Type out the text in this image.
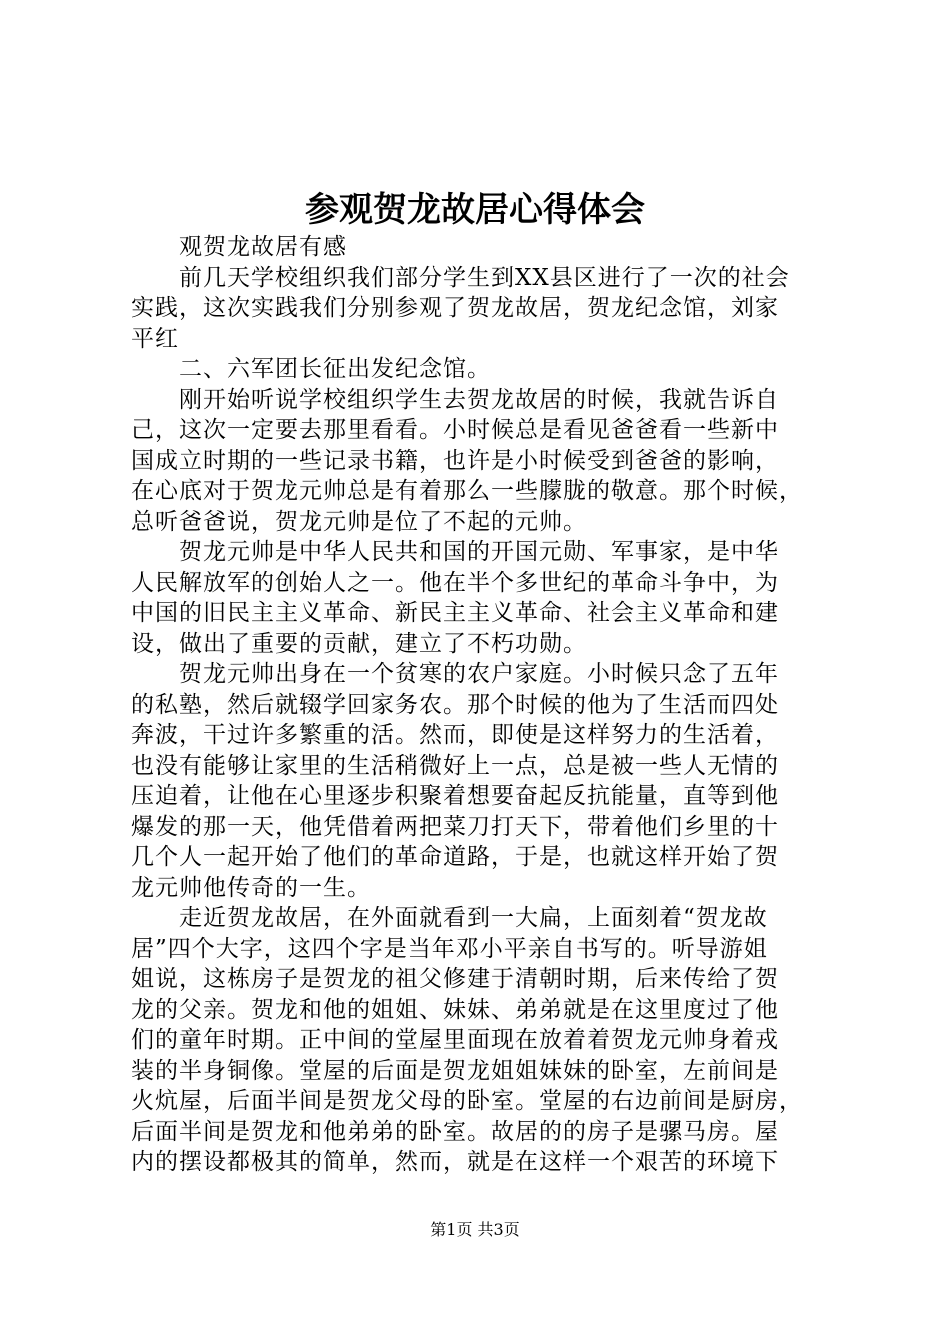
参观贺龙故居心得体会
观贺龙故居有感
前几天学校组织我们部分学生到XX县区进行了一次的社会
实践，这次实践我们分别参观了贺龙故居，贺龙纪念馆，刘家
平红
二、六军团长征出发纪念馆。
刚开始听说学校组织学生去贺龙故居的时候，我就告诉自
己，这次一定要去那里看看。小时候总是看见爸爸看一些新中
国成立时期的一些记录书籍，也许是小时候受到爸爸的影响，
在心底对于贺龙元帅总是有着那么一些朦胧的敬意。那个时候，
总听爸爸说，贺龙元帅是位了不起的元帅。
贺龙元帅是中华人民共和国的开国元勋、军事家，是中华
人民解放军的创始人之一。他在半个多世纪的革命斗争中，为
中国的旧民主主义革命、新民主主义革命、社会主义革命和建
设，做出了重要的贡献，建立了不朽功勋。
贺龙元帅出身在一个贫寒的农户家庭。小时候只念了五年
的私塾，然后就辍学回家务农。那个时候的他为了生活而四处
奔波，干过许多繁重的活。然而，即使是这样努力的生活着，
也没有能够让家里的生活稍微好上一点，总是被一些人无情的
压迫着，让他在心里逐步积聚着想要奋起反抗能量，直等到他
爆发的那一天，他凭借着两把菜刀打天下，带着他们乡里的十
几个人一起开始了他们的革命道路，于是，也就这样开始了贺
龙元帅他传奇的一生。
走近贺龙故居，在外面就看到一大扁，上面刻着“贺龙故
居”四个大字，这四个字是当年邓小平亲自书写的。听导游姐
姐说，这栋房子是贺龙的祖父修建于清朝时期，后来传给了贺
龙的父亲。贺龙和他的姐姐、妹妹、弟弟就是在这里度过了他
们的童年时期。正中间的堂屋里面现在放着着贺龙元帅身着戎
装的半身铜像。堂屋的后面是贺龙姐姐妹妹的卧室，左前间是
火炕屋，后面半间是贺龙父母的卧室。堂屋的右边前间是厨房，
后面半间是贺龙和他弟弟的卧室。故居的的房子是骡马房。屋
内的摆设都极其的简单，然而，就是在这样一个艰苦的环境下
第1页 共3页
